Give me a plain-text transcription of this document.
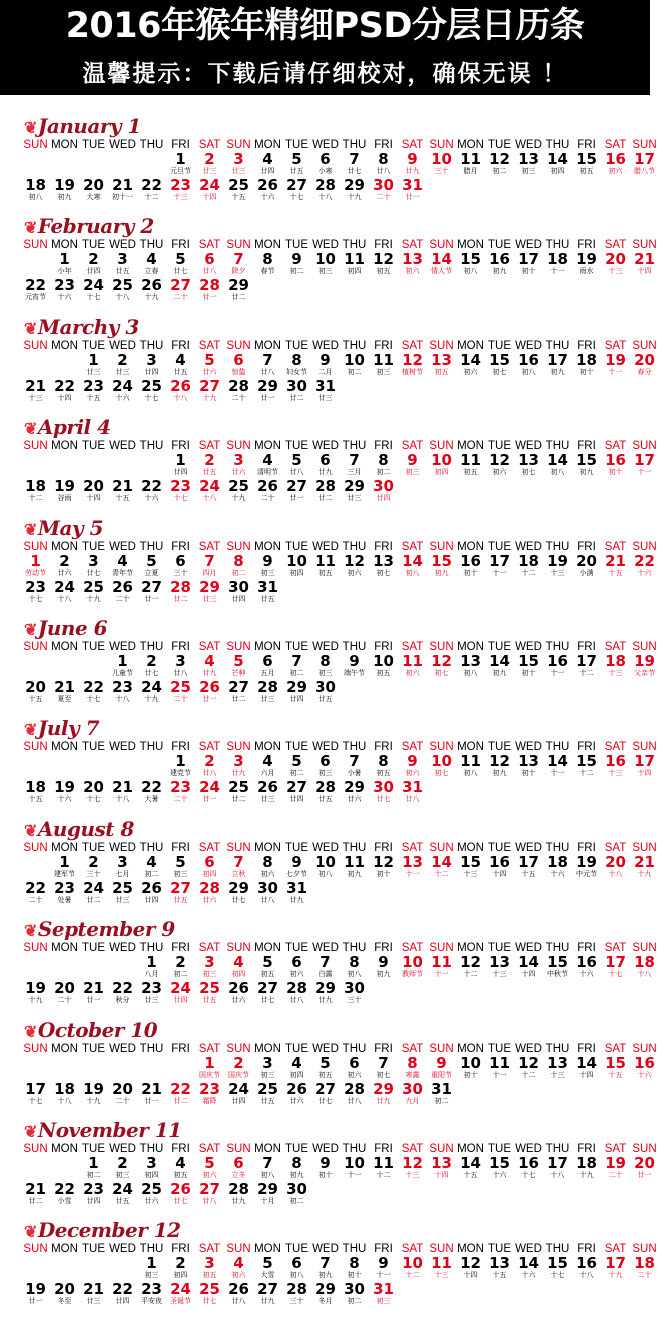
2016年猴年精细PSD分层日历条
温馨提示：下载后请仔细校对，确保无误 ！
❦January 1
SUN MON TUE WED THU FRI SAT SUN MON TUE WED THU FRI SAT SUN MON TUE WED THU FRI SAT SUN
1
元旦节
2
廿三
3
廿三
4
廿四
5
廿五
6
小寒
7
廿七
8
廿八
9
廿九
10
三十
11
腊月
12
初二
13
初三
14
初四
15
初五
16
初六
17
腊八节
18
初八
19
初九
20
大寒
21
初十一
22
十二
23
十三
24
十四
25
十五
26
十六
27
十七
28
十八
29
十九
30
二十
31
廿一
❦February 2
SUN MON TUE WED THU FRI SAT SUN MON TUE WED THU FRI SAT SUN MON TUE WED THU FRI SAT SUN
1
小年
2
廿四
3
廿五
4
立春
5
廿七
6
廿八
7
除夕
8
春节
9
初二
10
初三
11
初四
12
初五
13
初六
14
情人节
15
初八
16
初九
17
初十
18
十一
19
雨水
20
十三
21
十四
22
元宵节
23
十六
24
十七
25
十八
26
十九
27
二十
28
廿一
29
廿二
❦Marchy 3
SUN MON TUE WED THU FRI SAT SUN MON TUE WED THU FRI SAT SUN MON TUE WED THU FRI SAT SUN
1
廿三
2
廿三
3
廿四
4
廿五
5
廿六
6
惊蛰
7
廿八
8
妇女节
9
二月
10
初二
11
初三
12
植树节
13
初五
14
初六
15
初七
16
初八
17
初九
18
初十
19
十一
20
春分
21
十三
22
十四
23
十五
24
十六
25
十七
26
十八
27
十九
28
二十
29
廿一
30
廿二
31
廿三
❦April 4
SUN MON TUE WED THU FRI SAT SUN MON TUE WED THU FRI SAT SUN MON TUE WED THU FRI SAT SUN
1
廿四
2
廿五
3
廿六
4
清明节
5
廿八
6
廿九
7
三月
8
初二
9
初三
10
初四
11
初五
12
初六
13
初七
14
初八
15
初九
16
初十
17
十一
18
十二
19
谷雨
20
十四
21
十五
22
十六
23
十七
24
十八
25
十九
26
二十
27
廿一
28
廿二
29
廿三
30
廿四
❦May 5
SUN MON TUE WED THU FRI SAT SUN MON TUE WED THU FRI SAT SUN MON TUE WED THU FRI SAT SUN
1
劳动节
2
廿六
3
廿七
4
青年节
5
立夏
6
三十
7
四月
8
初二
9
初三
10
初四
11
初五
12
初六
13
初七
14
初八
15
初九
16
初十
17
十一
18
十二
19
十三
20
小满
21
十五
22
十六
23
十七
24
十八
25
十九
26
二十
27
廿一
28
廿二
29
廿三
30
廿四
31
廿五
❦June 6
SUN MON TUE WED THU FRI SAT SUN MON TUE WED THU FRI SAT SUN MON TUE WED THU FRI SAT SUN
1
儿童节
2
廿七
3
廿八
4
廿九
5
芒种
6
五月
7
初二
8
初三
9
端午节
10
初五
11
初六
12
初七
13
初八
14
初九
15
初十
16
十一
17
十二
18
十三
19
父亲节
20
十五
21
夏至
22
十七
23
十八
24
十九
25
二十
26
廿一
27
廿二
28
廿三
29
廿四
30
廿五
❦July 7
SUN MON TUE WED THU FRI SAT SUN MON TUE WED THU FRI SAT SUN MON TUE WED THU FRI SAT SUN
1
建党节
2
廿八
3
廿九
4
六月
5
初二
6
初三
7
小暑
8
初五
9
初六
10
初七
11
初八
12
初九
13
初十
14
十一
15
十二
16
十三
17
十四
18
十五
19
十六
20
十七
21
十八
22
大暑
23
二十
24
廿一
25
廿二
26
廿三
27
廿四
28
廿五
29
廿六
30
廿七
31
廿八
❦August 8
SUN MON TUE WED THU FRI SAT SUN MON TUE WED THU FRI SAT SUN MON TUE WED THU FRI SAT SUN
1
建军节
2
三十
3
七月
4
初二
5
初三
6
初四
7
立秋
8
初六
9
七夕节
10
初八
11
初九
12
初十
13
十一
14
十二
15
十三
16
十四
17
十五
18
十六
19
中元节
20
十八
21
十九
22
二十
23
处暑
24
廿二
25
廿三
26
廿四
27
廿五
28
廿六
29
廿七
30
廿八
31
廿九
❦September 9
SUN MON TUE WED THU FRI SAT SUN MON TUE WED THU FRI SAT SUN MON TUE WED THU FRI SAT SUN
1
八月
2
初二
3
初三
4
初四
5
初五
6
初六
7
白露
8
初八
9
初九
10
教师节
11
十一
12
十二
13
十三
14
十四
15
中秋节
16
十六
17
十七
18
十八
19
十九
20
二十
21
廿一
22
秋分
23
廿三
24
廿四
25
廿五
26
廿六
27
廿七
28
廿八
29
廿九
30
三十
❦October 10
SUN MON TUE WED THU FRI SAT SUN MON TUE WED THU FRI SAT SUN MON TUE WED THU FRI SAT SUN
1
国庆节
2
国庆节
3
初三
4
初四
5
初五
6
初六
7
初七
8
寒露
9
重阳节
10
初十
11
十一
12
十二
13
十三
14
十四
15
十五
16
十六
17
十七
18
十八
19
十九
20
二十
21
廿一
22
廿二
23
霜降
24
廿四
25
廿五
26
廿六
27
廿七
28
廿八
29
廿九
30
九月
31
初二
❦November 11
SUN MON TUE WED THU FRI SAT SUN MON TUE WED THU FRI SAT SUN MON TUE WED THU FRI SAT SUN
1
初二
2
初三
3
初四
4
初五
5
初六
6
立冬
7
初八
8
初九
9
初十
10
十一
11
十二
12
十三
13
十四
14
十五
15
十六
16
十七
17
十八
18
十九
19
二十
20
廿一
21
廿二
22
小雪
23
廿四
24
廿五
25
廿六
26
廿七
27
廿八
28
廿九
29
十月
30
初二
❦December 12
SUN MON TUE WED THU FRI SAT SUN MON TUE WED THU FRI SAT SUN MON TUE WED THU FRI SAT SUN
1
初三
2
初四
3
初五
4
初六
5
大雪
6
初八
7
初九
8
初十
9
十一
10
十二
11
十三
12
十四
13
十五
14
十六
15
十七
16
十八
17
十九
18
二十
19
廿一
20
冬至
21
廿三
22
廿四
23
平安夜
24
圣诞节
25
廿七
26
廿八
27
廿九
28
三十
29
冬月
30
初二
31
初三
